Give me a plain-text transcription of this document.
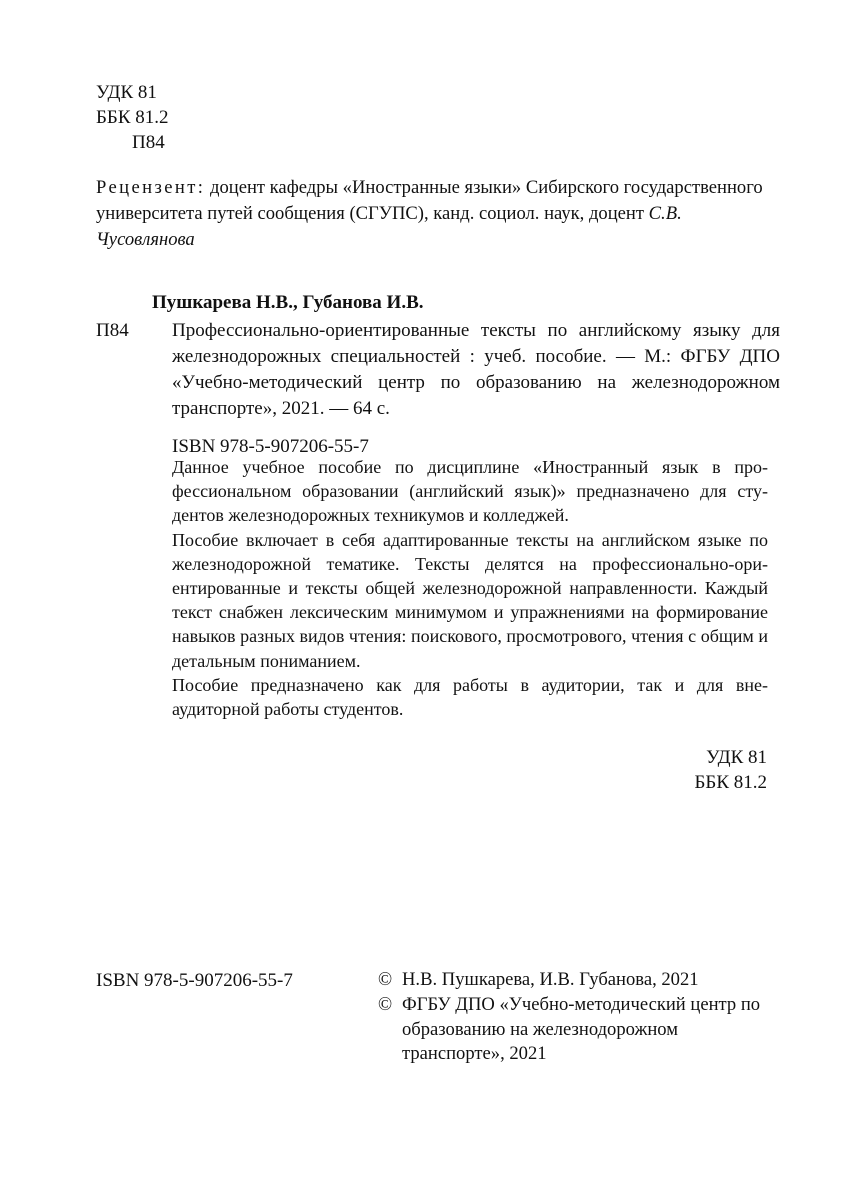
УДК 81
ББК 81.2
П84
Рецензент: доцент кафедры «Иностранные языки» Сибирского государственного университета путей сообщения (СГУПС), канд. социол. наук, доцент С.В. Чусовлянова
Пушкарева Н.В., Губанова И.В.
П84	Профессионально-ориентированные тексты по английскому языку для железнодорожных специальностей : учеб. пособие. — М.: ФГБУ ДПО «Учебно-методический центр по образованию на железнодорожном транспорте», 2021. — 64 с.
ISBN 978-5-907206-55-7

Данное учебное пособие по дисциплине «Иностранный язык в профессиональном образовании (английский язык)» предназначено для студентов железнодорожных техникумов и колледжей.

Пособие включает в себя адаптированные тексты на английском языке по железнодорожной тематике. Тексты делятся на профессионально-ориентированные и тексты общей железнодорожной направленности. Каждый текст снабжен лексическим минимумом и упражнениями на формирование навыков разных видов чтения: поискового, просмотрового, чтения с общим и детальным пониманием.

Пособие предназначено как для работы в аудитории, так и для внеаудиторной работы студентов.

УДК 81
ББК 81.2
ISBN 978-5-907206-55-7	© Н.В. Пушкарева, И.В. Губанова, 2021
© ФГБУ ДПО «Учебно-методический центр по образованию на железнодорожном транспорте», 2021
